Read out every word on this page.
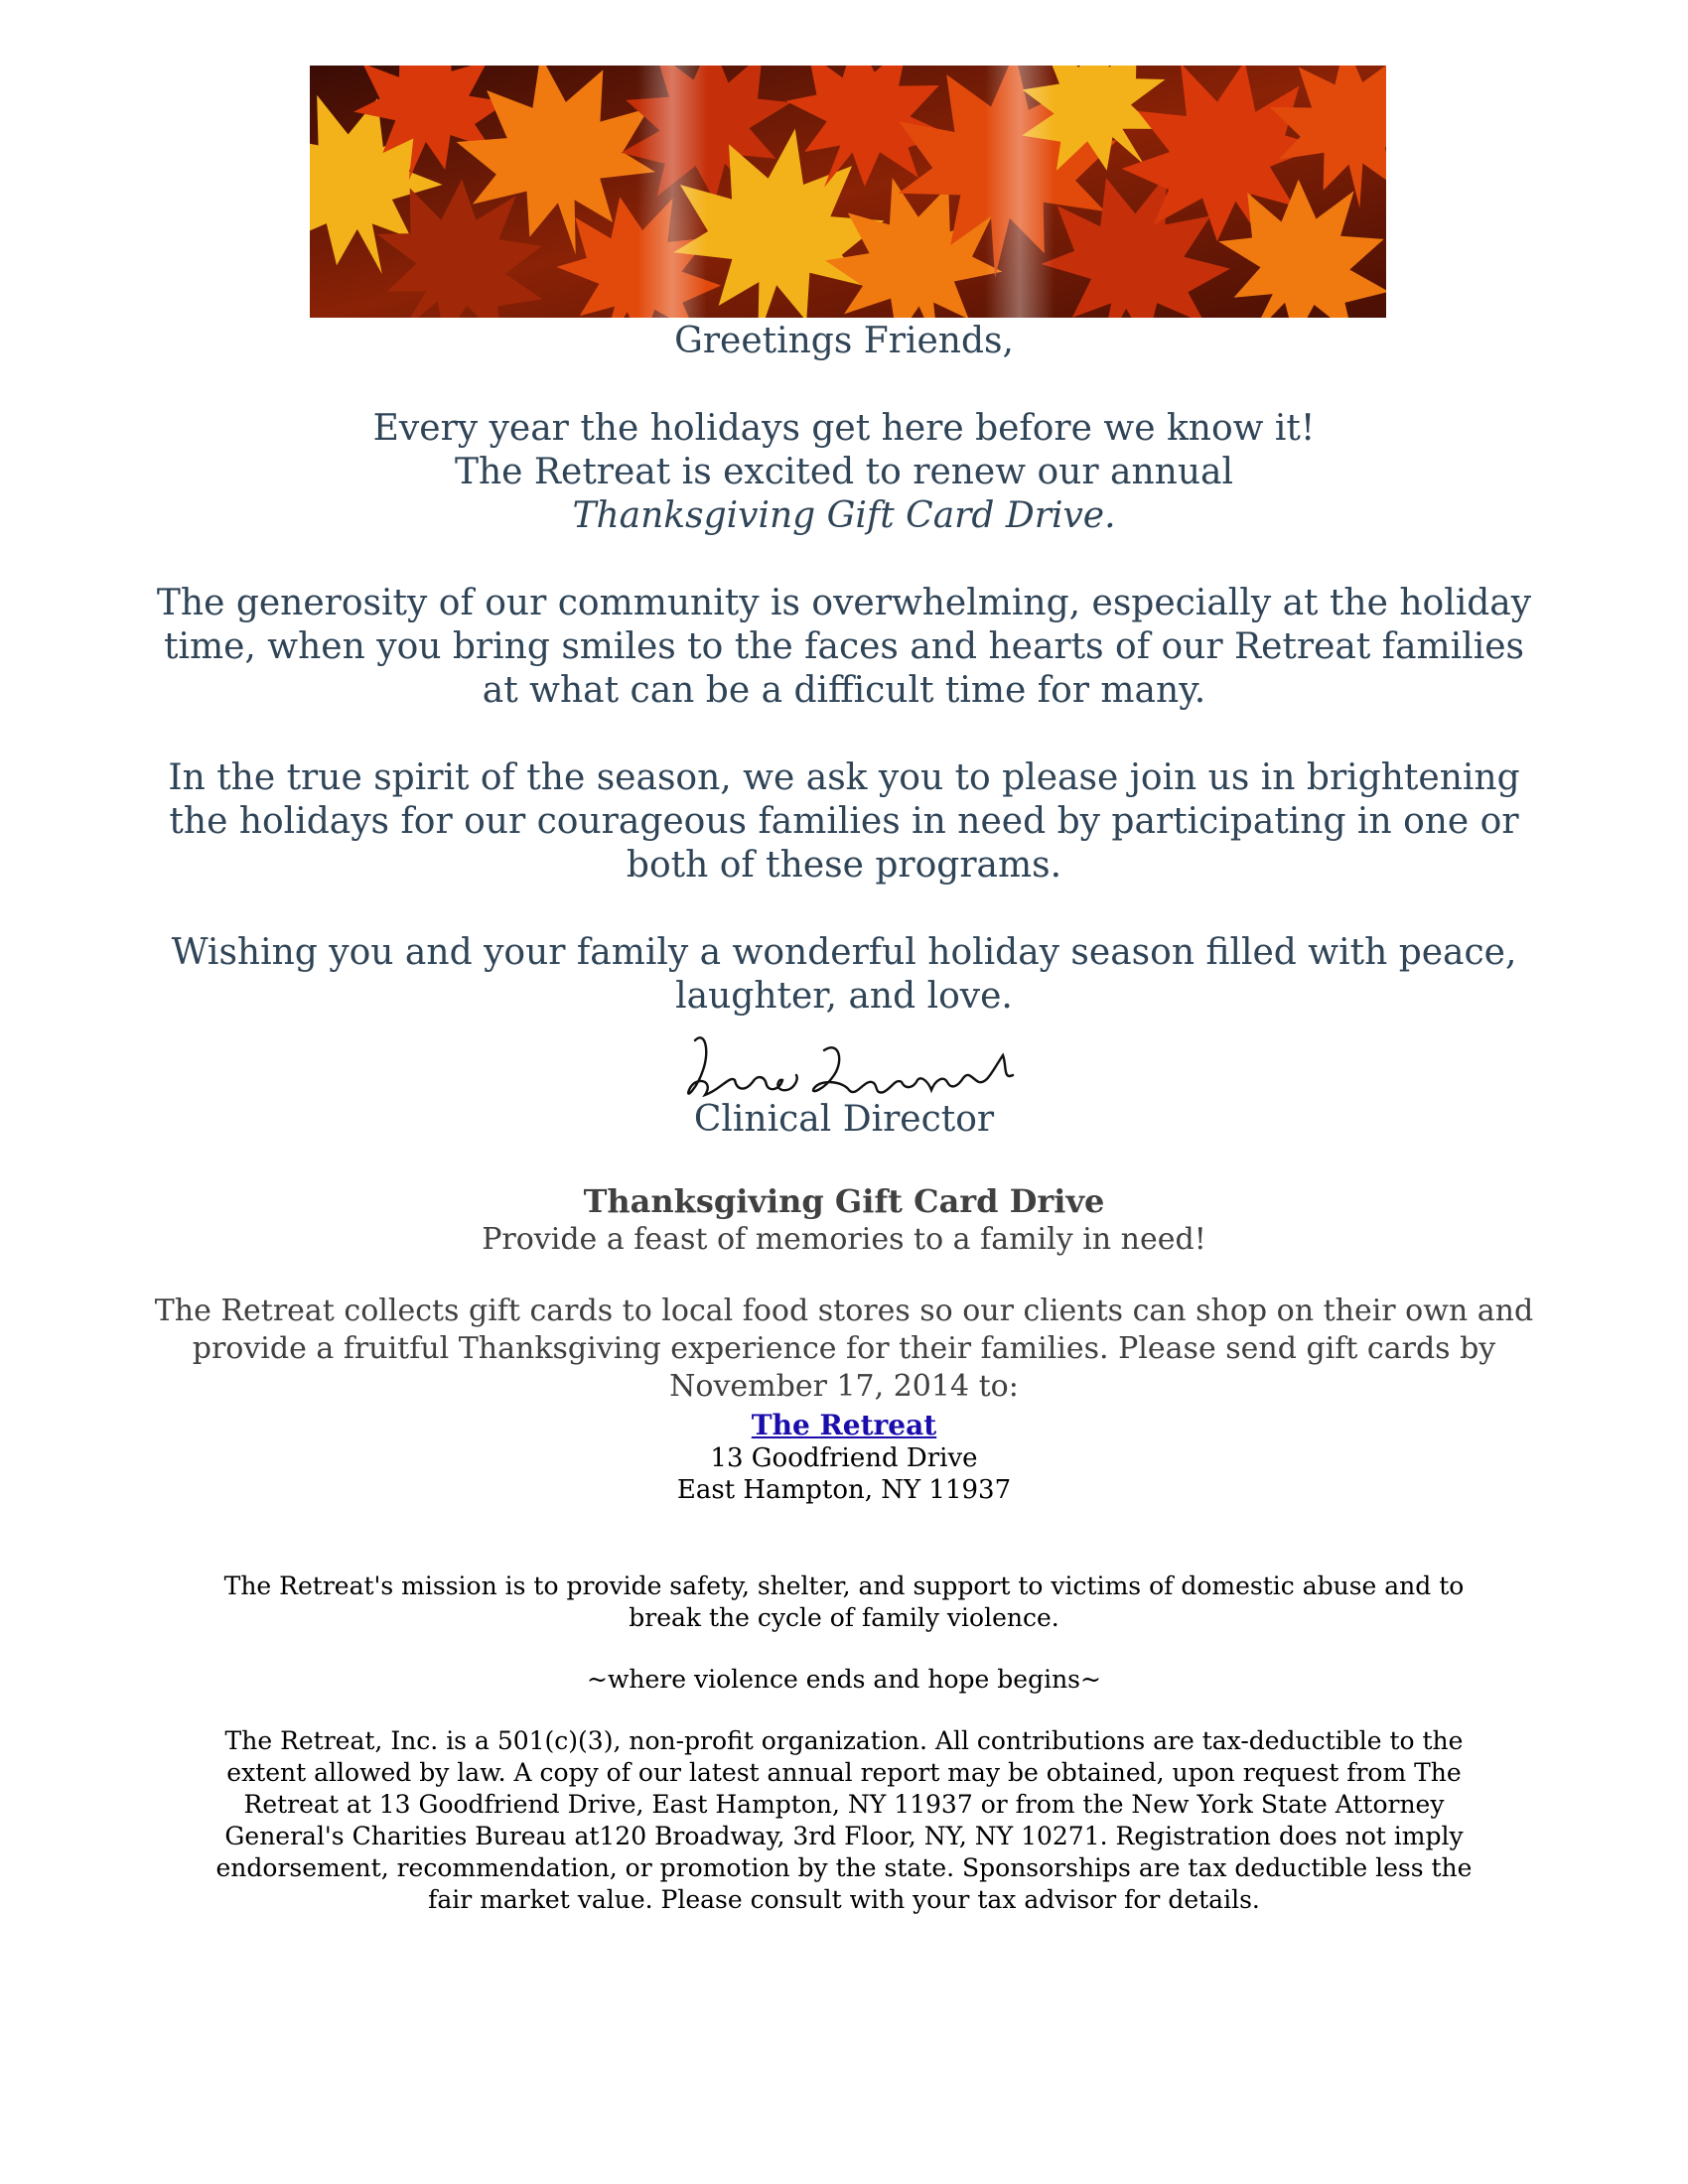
Greetings Friends,

Every year the holidays get here before we know it!

The Retreat is excited to renew our annual

Thanksgiving Gift Card Drive.

The generosity of our community is overwhelming, especially at the holiday time, when you bring smiles to the faces and hearts of our Retreat families at what can be a difficult time for many.

In the true spirit of the season, we ask you to please join us in brightening the holidays for our courageous families in need by participating in one or both of these programs.

Wishing you and your family a wonderful holiday season filled with peace, laughter, and love.

Clinical Director

Thanksgiving Gift Card Drive

Provide a feast of memories to a family in need!

The Retreat collects gift cards to local food stores so our clients can shop on their own and provide a fruitful Thanksgiving experience for their families. Please send gift cards by November 17, 2014 to:

The Retreat
13 Goodfriend Drive
East Hampton, NY 11937

The Retreat's mission is to provide safety, shelter, and support to victims of domestic abuse and to break the cycle of family violence.

~where violence ends and hope begins~
The Retreat, Inc. is a 501(c)(3), non-profit organization. All contributions are tax-deductible to the extent allowed by law. A copy of our latest annual report may be obtained, upon request from The Retreat at 13 Goodfriend Drive, East Hampton, NY 11937 or from the New York State Attorney General's Charities Bureau at120 Broadway, 3rd Floor, NY, NY 10271. Registration does not imply endorsement, recommendation, or promotion by the state. Sponsorships are tax deductible less the fair market value. Please consult with your tax advisor for details.
